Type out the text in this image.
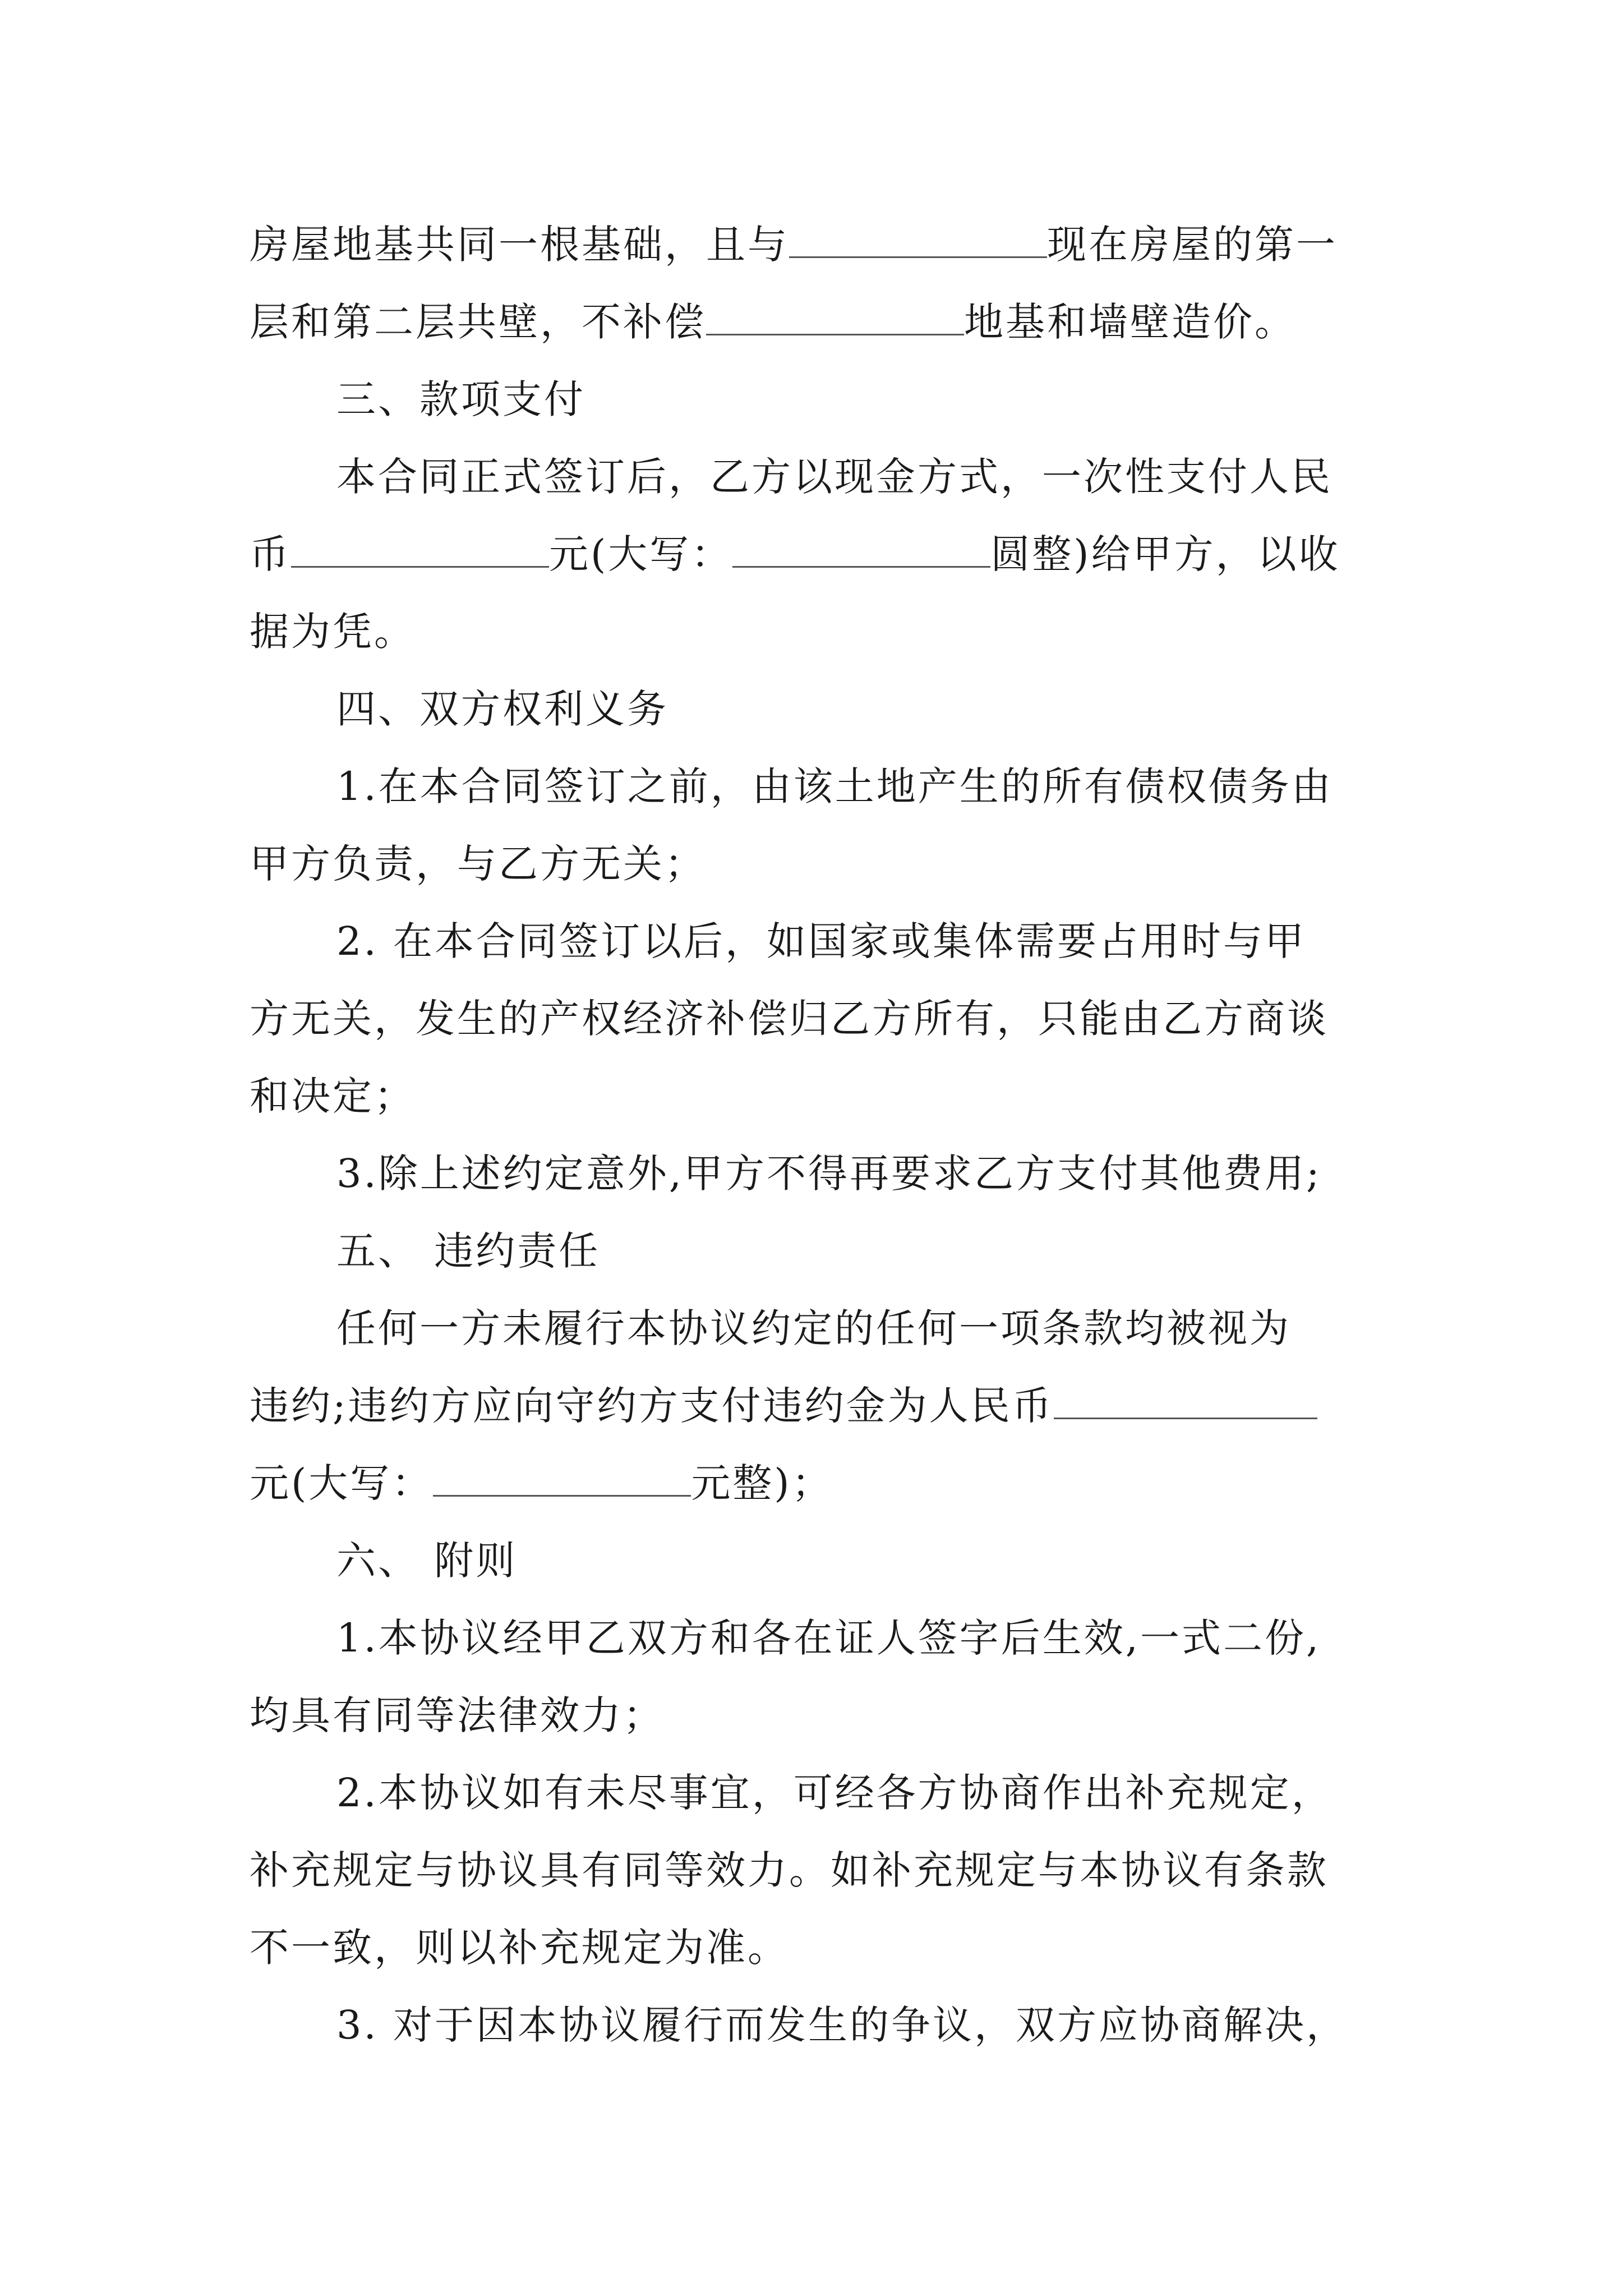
房屋地基共同一根基础，且与	现在房屋的第一
层和第二层共壁，不补偿	地基和墙壁造价。
三、款项支付
本合同正式签订后，乙方以现金方式，一次性支付人民
币	元(大写：	圆整)给甲方，以收
据为凭。
四、双方权利义务
1.在本合同签订之前，由该土地产生的所有债权债务由
甲方负责，与乙方无关；
2. 在本合同签订以后，如国家或集体需要占用时与甲
方无关，发生的产权经济补偿归乙方所有，只能由乙方商谈
和决定；
3.除上述约定意外,甲方不得再要求乙方支付其他费用;
五、 违约责任
任何一方未履行本协议约定的任何一项条款均被视为
违约;违约方应向守约方支付违约金为人民币
元(大写：	元整)；
六、 附则
1.本协议经甲乙双方和各在证人签字后生效,一式二份,
均具有同等法律效力；
2.本协议如有未尽事宜，可经各方协商作出补充规定，
补充规定与协议具有同等效力。如补充规定与本协议有条款
不一致，则以补充规定为准。
3. 对于因本协议履行而发生的争议，双方应协商解决，
